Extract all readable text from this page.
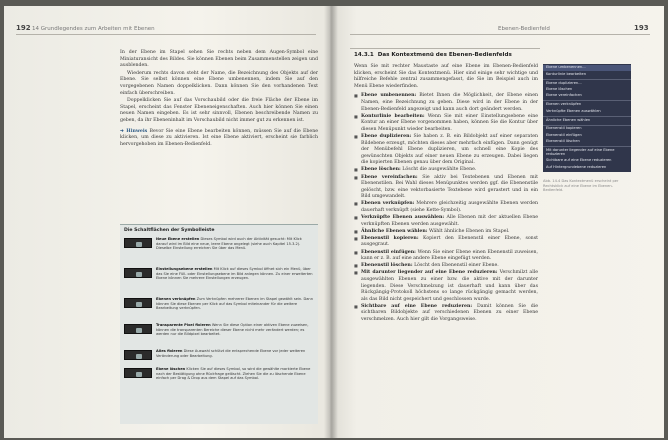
192 14 Grundlegendes zum Arbeiten mit Ebenen

In der Ebene im Stapel sehen Sie rechts neben dem Augen-Symbol eine Miniaturansicht des Bildes. Sie können Ebenen beim Zusammenstellen zeigen und ausblenden.

Wiederum rechts davon steht der Name, die Bezeichnung des Objekts auf der Ebene. Sie selbst können eine Ebene umbenennen, indem Sie auf den vorgegebenen Namen doppelklicken. Dann können Sie den vorhandenen Text einfach überschreiben.

Doppelklicken Sie auf das Vorschaubild oder die freie Fläche der Ebene im Stapel, erscheint das Fenster Ebeneneigenschaften. Auch hier können Sie einen neuen Namen eingeben. Es ist sehr sinnvoll, Ebenen beschreibende Namen zu geben, da ihr Ebeneninhalt im Vorschaubild nicht immer gut zu erkennen ist.

➜ Hinweis Bevor Sie eine Ebene bearbeiten können, müssen Sie auf die Ebene klicken, um diese zu aktivieren. Ist eine Ebene aktiviert, erscheint sie farblich hervorgehoben im Ebenen-Bedienfeld.

Die Schaltflächen der Symbolleiste
Neue Ebene erstellen Dieses Symbol wird auch der Aktivität gesucht: Mit Klick darauf wird im Bild eine neue, leere Ebene angelegt (siehe auch Kapitel 15.3.2). Dieselbe Einstellung erreichen Sie über das Menü.
Einstellungsebene erstellen Mit Klick auf dieses Symbol öffnet sich ein Menü, über das Sie eine Füll- oder Einstellungsebene im Bild anlegen können. Zu einer erweiterten Ebene können Sie mehrere Einstellungen erzeugen.
Ebenen verknüpfen Zum Verknüpfen mehrerer Ebenen im Stapel gewählt sein. Dann können Sie diese Ebenen per Klick auf das Symbol miteinander für die weitere Bearbeitung verknüpfen.
Transparente Pixel fixieren Wenn Sie diese Option einer aktiven Ebene zuweisen, können die transparenten Bereiche dieser Ebene nicht mehr verändert werden; es werden nur die Bildpixel bearbeitet.
Alles fixieren Diese Auswahl schützt die entsprechende Ebene vor jeder weiteren Veränderung oder Bearbeitung.
Ebene löschen Klicken Sie auf dieses Symbol, so wird die gewählte markierte Ebene nach der Bestätigung ohne Rückfrage gelöscht. Ziehen Sie die zu löschende Ebene einfach per Drag & Drop aus dem Stapel auf das Symbol.
Ebenen-Bedienfeld	193
14.3.1 Das Kontextmenü des Ebenen-Bedienfelds

Wenn Sie mit rechter Maustaste auf eine Ebene im Ebenen-Bedienfeld klicken, erscheint Sie das Kontextmenü. Hier sind einige sehr wichtige und hilfreiche Befehle zentral zusammengefasst, die Sie im Beispiel auch im Menü Ebene wiederfinden.

■ Ebene umbenennen: Bietet Ihnen die Möglichkeit, der Ebene einen Namen, eine Bezeichnung zu geben. Diese wird in der Ebene in der Ebenen-Bedienfeld angezeigt und kann auch dort geändert werden.
■ Konturlinie bearbeiten: Wenn Sie mit einer Einstellungsebene eine Kontur an einer Ebene vorgenommen haben, können Sie die Kontur über diesen Menüpunkt wieder bearbeiten.
■ Ebene duplizieren: Sie haben z. B. ein Bildobjekt auf einer separaten Bildebene erzeugt, möchten dieses aber mehrfach einfügen. Dann genügt der Menübefehl Ebene duplizieren, um schnell eine Kopie des gewünschten Objekts auf einer neuen Ebene zu erzeugen. Dabei liegen die kopierten Ebenen genau über dem Original.
■ Ebene löschen: Löscht die ausgewählte Ebene.
■ Ebene vereinfachen: Sie aktiv bei Textebenen und Ebenen mit Ebenenstilen. Bei Wahl dieses Menüpunktes werden ggf. die Ebenenstile gelöscht, bzw. eine vektorbasierte Textebene wird gerastert und in ein Bild umgewandelt.
■ Ebenen verknüpfen: Mehrere gleichzeitig ausgewählte Ebenen werden dauerhaft verknüpft (siehe Kette-Symbol).
■ Verknüpfte Ebenen auswählen: Alle Ebenen mit der aktuellen Ebene verknüpften Ebenen werden ausgewählt.
■ Ähnliche Ebenen wählen: Wählt ähnliche Ebenen im Stapel.
■ Ebenenstil kopieren: Kopiert den Ebenenstil einer Ebene, sonst ausgegraut.
■ Ebenenstil einfügen: Wenn Sie einer Ebene einen Ebenenstil zuweisen, kann er z. B. auf eine andere Ebene eingefügt werden.
■ Ebenenstil löschen: Löscht den Ebenenstil einer Ebene.
■ Mit darunter liegender auf eine Ebene reduzieren: Verschmilzt alle ausgewählten Ebenen zu einer bzw. die aktive mit der darunter liegenden. Diese Verschmelzung ist dauerhaft und kann über das Rückgängig-Protokoll höchstens so lange rückgängig gemacht werden, als das Bild nicht gespeichert und geschlossen wurde.
■ Sichtbare auf eine Ebene reduzieren: Damit können Sie die sichtbaren Bildobjekte auf verschiedenen Ebenen zu einer Ebene verschmelzen. Auch hier gilt die Vorgangsweise.
Ebene umbenennen...
Konturlinie bearbeiten
Ebene duplizieren...
Ebene löschen
Ebene vereinfachen
Ebenen verknüpfen
Verknüpfte Ebenen auswählen
Ähnliche Ebenen wählen
Ebenenstil kopieren
Ebenenstil einfügen
Ebenenstil löschen
Mit darunter liegender auf eine Ebene reduzieren
Sichtbare auf eine Ebene reduzieren
Auf Hintergrundebene reduzieren
Abb. 14.4 Das Kontextmenü erscheint per Rechtsklick auf eine Ebene im Ebenen-Bedienfeld.
